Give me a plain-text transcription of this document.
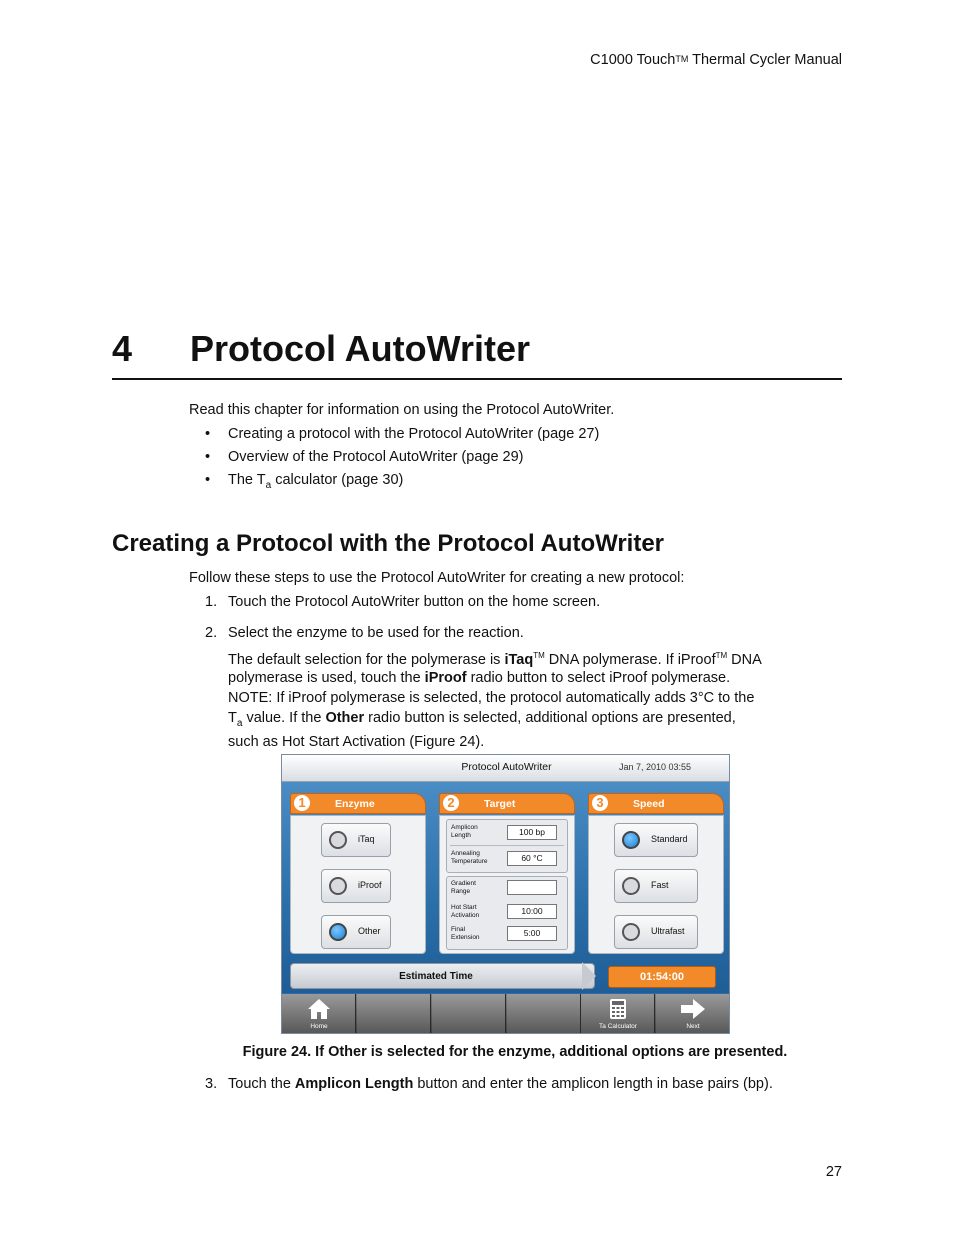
C1000 Touch™ Thermal Cycler Manual
4 Protocol AutoWriter
Read this chapter for information on using the Protocol AutoWriter.
• Creating a protocol with the Protocol AutoWriter (page 27)
• Overview of the Protocol AutoWriter (page 29)
• The $T_a$ calculator (page 30)
Creating a Protocol with the Protocol AutoWriter
Follow these steps to use the Protocol AutoWriter for creating a new protocol:
1. Touch the Protocol AutoWriter button on the home screen.
2. Select the enzyme to be used for the reaction.
The default selection for the polymerase is iTaq™ DNA polymerase. If iProof™ DNA
polymerase is used, touch the iProof radio button to select iProof polymerase.
NOTE: If iProof polymerase is selected, the protocol automatically adds 3°C to the
$T_a$ value. If the Other radio button is selected, additional options are presented,
such as Hot Start Activation (Figure 24).
Protocol AutoWriter	Jan 7, 2010 03:55
1	Enzyme
iTaq
iProof
Other
2	Target
Amplicon
Length	100 bp
Annealing
Temperature	60 °C
Gradient
Range
Hot Start
Activation	10:00
Final
Extension	5:00
3	Speed
Standard
Fast
Ultrafast
Estimated Time	01:54:00
Home	Ta Calculator	Next
Figure 24. If Other is selected for the enzyme, additional options are presented.
3. Touch the Amplicon Length button and enter the amplicon length in base pairs (bp).
27
